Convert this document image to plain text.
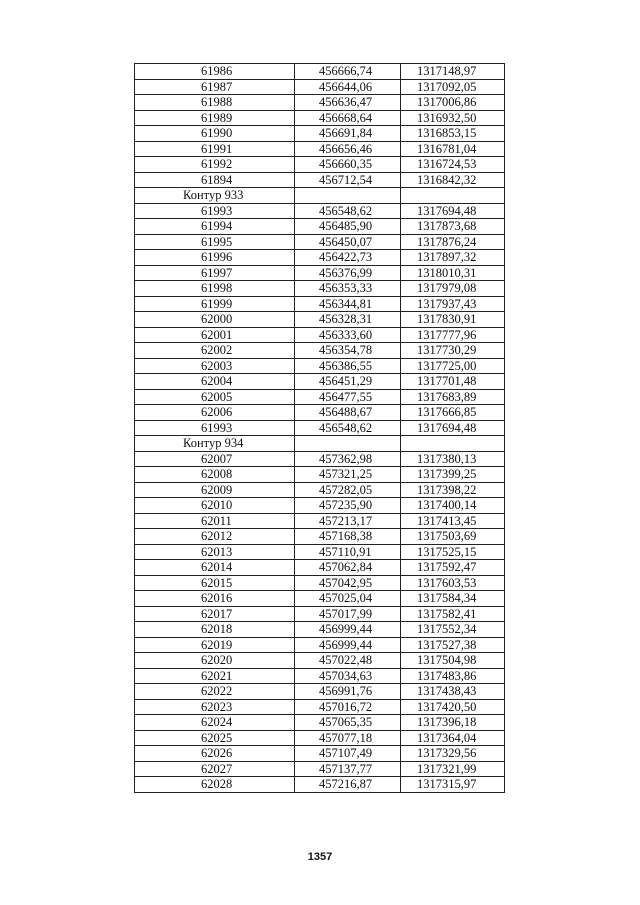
61986	456666,74	1317148,97
61987	456644,06	1317092,05
61988	456636,47	1317006,86
61989	456668,64	1316932,50
61990	456691,84	1316853,15
61991	456656,46	1316781,04
61992	456660,35	1316724,53
61894	456712,54	1316842,32
Контур 933		
61993	456548,62	1317694,48
61994	456485,90	1317873,68
61995	456450,07	1317876,24
61996	456422,73	1317897,32
61997	456376,99	1318010,31
61998	456353,33	1317979,08
61999	456344,81	1317937,43
62000	456328,31	1317830,91
62001	456333,60	1317777,96
62002	456354,78	1317730,29
62003	456386,55	1317725,00
62004	456451,29	1317701,48
62005	456477,55	1317683,89
62006	456488,67	1317666,85
61993	456548,62	1317694,48
Контур 934		
62007	457362,98	1317380,13
62008	457321,25	1317399,25
62009	457282,05	1317398,22
62010	457235,90	1317400,14
62011	457213,17	1317413,45
62012	457168,38	1317503,69
62013	457110,91	1317525,15
62014	457062,84	1317592,47
62015	457042,95	1317603,53
62016	457025,04	1317584,34
62017	457017,99	1317582,41
62018	456999,44	1317552,34
62019	456999,44	1317527,38
62020	457022,48	1317504,98
62021	457034,63	1317483,86
62022	456991,76	1317438,43
62023	457016,72	1317420,50
62024	457065,35	1317396,18
62025	457077,18	1317364,04
62026	457107,49	1317329,56
62027	457137,77	1317321,99
62028	457216,87	1317315,97
1357
